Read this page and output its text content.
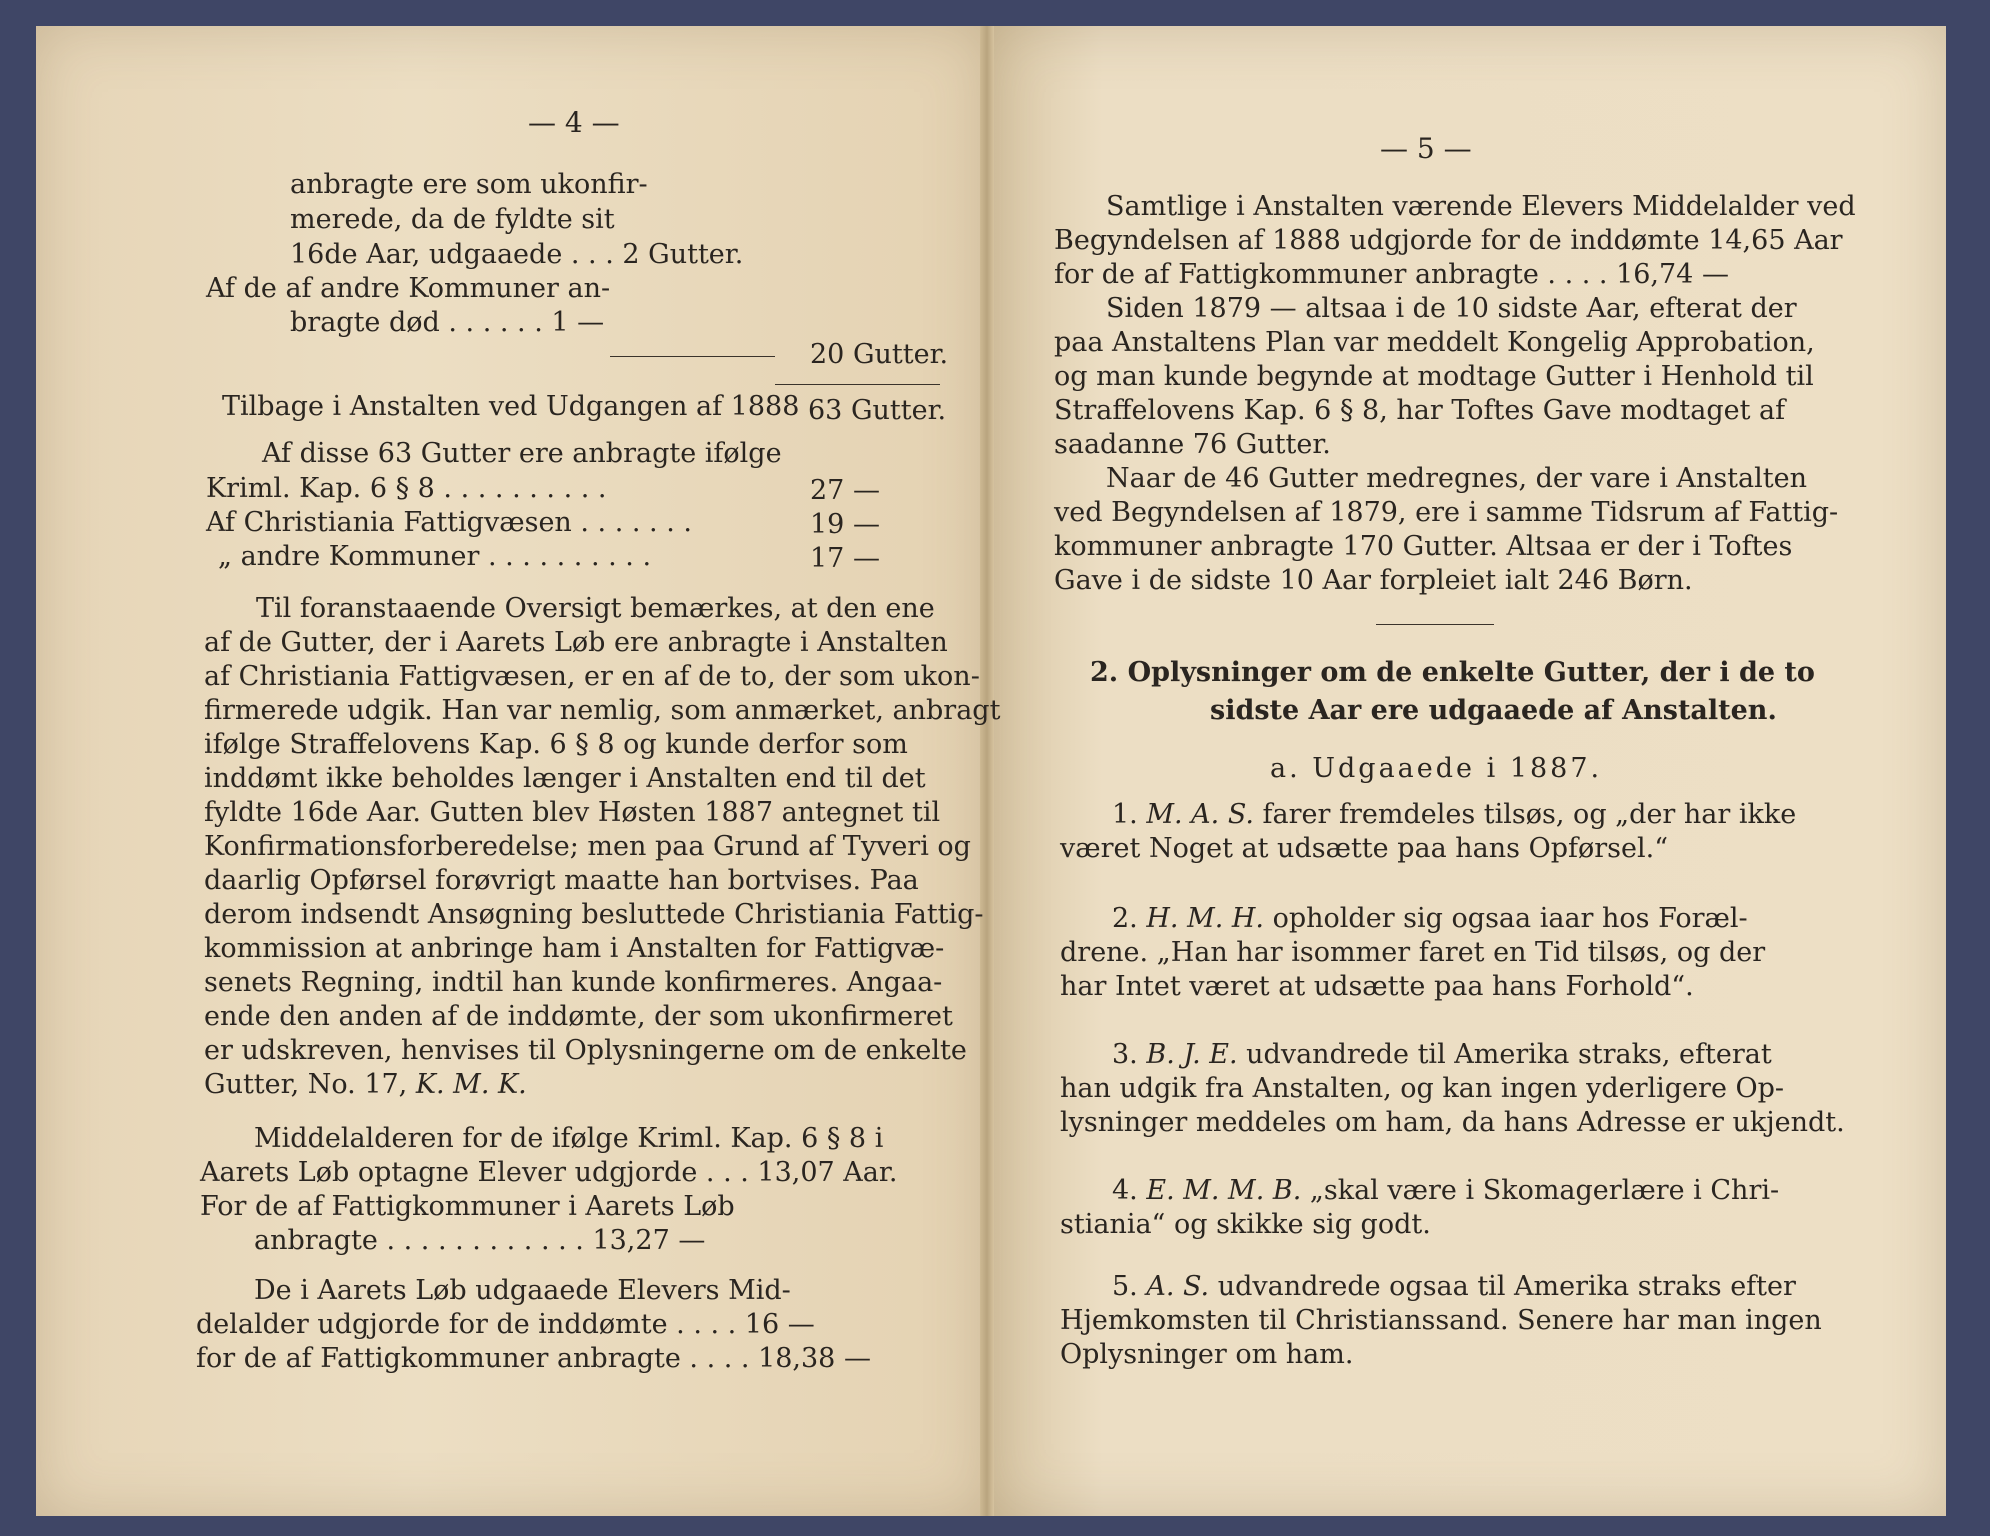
— 4 —
anbragte ere som ukonfir-
merede, da de fyldte sit
16de Aar, udgaaede . . . 2 Gutter.
Af de af andre Kommuner an-
bragte død . . . . . . 1 —
20 Gutter.
Tilbage i Anstalten ved Udgangen af 1888 63 Gutter.
Af disse 63 Gutter ere anbragte ifølge
Kriml. Kap. 6 § 8 . . . . . . . . . .	27 —
Af Christiania Fattigvæsen . . . . . . .	19 —
„ andre Kommuner . . . . . . . . . .	17 —
Til foranstaaende Oversigt bemærkes, at den ene
af de Gutter, der i Aarets Løb ere anbragte i Anstalten
af Christiania Fattigvæsen, er en af de to, der som ukon-
firmerede udgik. Han var nemlig, som anmærket, anbragt
ifølge Straffelovens Kap. 6 § 8 og kunde derfor som
inddømt ikke beholdes længer i Anstalten end til det
fyldte 16de Aar. Gutten blev Høsten 1887 antegnet til
Konfirmationsforberedelse; men paa Grund af Tyveri og
daarlig Opførsel forøvrigt maatte han bortvises. Paa
derom indsendt Ansøgning besluttede Christiania Fattig-
kommission at anbringe ham i Anstalten for Fattigvæ-
senets Regning, indtil han kunde konfirmeres. Angaa-
ende den anden af de inddømte, der som ukonfirmeret
er udskreven, henvises til Oplysningerne om de enkelte
Gutter, No. 17, K. M. K.
Middelalderen for de ifølge Kriml. Kap. 6 § 8 i
Aarets Løb optagne Elever udgjorde . . . 13,07 Aar.
For de af Fattigkommuner i Aarets Løb
anbragte . . . . . . . . . . . . 13,27 —
De i Aarets Løb udgaaede Elevers Mid-
delalder udgjorde for de inddømte . . . . 16 —
for de af Fattigkommuner anbragte . . . . 18,38 —
— 5 —
Samtlige i Anstalten værende Elevers Middelalder ved
Begyndelsen af 1888 udgjorde for de inddømte 14,65 Aar
for de af Fattigkommuner anbragte . . . . 16,74 —
Siden 1879 — altsaa i de 10 sidste Aar, efterat der
paa Anstaltens Plan var meddelt Kongelig Approbation,
og man kunde begynde at modtage Gutter i Henhold til
Straffelovens Kap. 6 § 8, har Toftes Gave modtaget af
saadanne 76 Gutter.
Naar de 46 Gutter medregnes, der vare i Anstalten
ved Begyndelsen af 1879, ere i samme Tidsrum af Fattig-
kommuner anbragte 170 Gutter. Altsaa er der i Toftes
Gave i de sidste 10 Aar forpleiet ialt 246 Børn.
2. Oplysninger om de enkelte Gutter, der i de to
sidste Aar ere udgaaede af Anstalten.
a. Udgaaede i 1887.
1. M. A. S. farer fremdeles tilsøs, og „der har ikke
været Noget at udsætte paa hans Opførsel.“
2. H. M. H. opholder sig ogsaa iaar hos Foræl-
drene. „Han har isommer faret en Tid tilsøs, og der
har Intet været at udsætte paa hans Forhold“.
3. B. J. E. udvandrede til Amerika straks, efterat
han udgik fra Anstalten, og kan ingen yderligere Op-
lysninger meddeles om ham, da hans Adresse er ukjendt.
4. E. M. M. B. „skal være i Skomagerlære i Chri-
stiania“ og skikke sig godt.
5. A. S. udvandrede ogsaa til Amerika straks efter
Hjemkomsten til Christianssand. Senere har man ingen
Oplysninger om ham.
